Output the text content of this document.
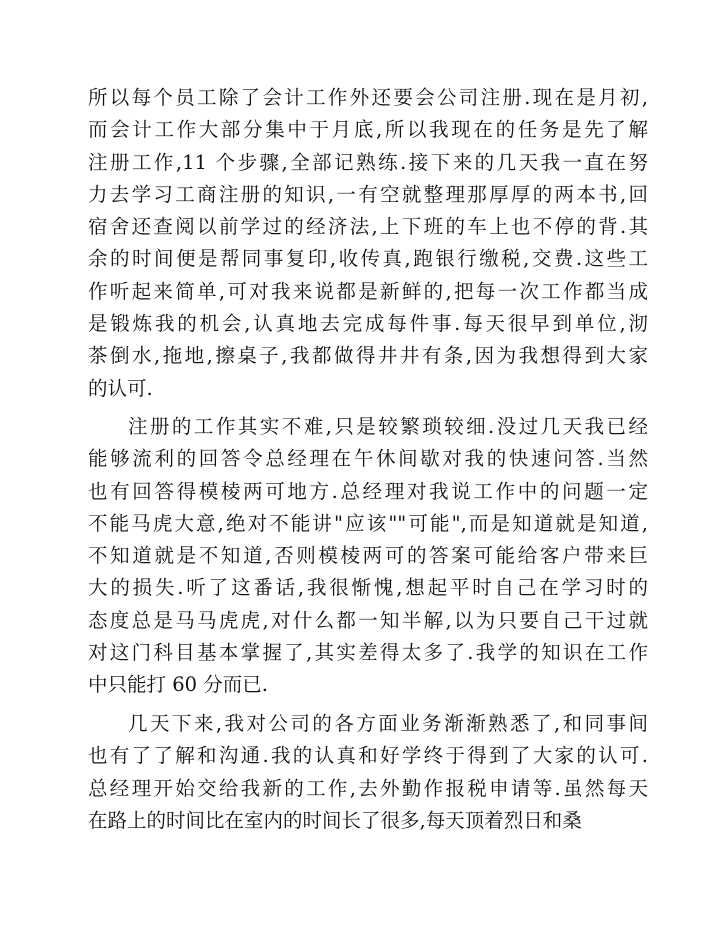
所以每个员工除了会计工作外还要会公司注册.现在是月初,
而会计工作大部分集中于月底,所以我现在的任务是先了解
注册工作,11 个步骤,全部记熟练.接下来的几天我一直在努
力去学习工商注册的知识,一有空就整理那厚厚的两本书,回
宿舍还查阅以前学过的经济法,上下班的车上也不停的背.其
余的时间便是帮同事复印,收传真,跑银行缴税,交费.这些工
作听起来简单,可对我来说都是新鲜的,把每一次工作都当成
是锻炼我的机会,认真地去完成每件事.每天很早到单位,沏
茶倒水,拖地,擦桌子,我都做得井井有条,因为我想得到大家
的认可.
注册的工作其实不难,只是较繁琐较细.没过几天我已经
能够流利的回答令总经理在午休间歇对我的快速问答.当然
也有回答得模棱两可地方.总经理对我说工作中的问题一定
不能马虎大意,绝对不能讲"应该""可能",而是知道就是知道,
不知道就是不知道,否则模棱两可的答案可能给客户带来巨
大的损失.听了这番话,我很惭愧,想起平时自己在学习时的
态度总是马马虎虎,对什么都一知半解,以为只要自己干过就
对这门科目基本掌握了,其实差得太多了.我学的知识在工作
中只能打 60 分而已.
几天下来,我对公司的各方面业务渐渐熟悉了,和同事间
也有了了解和沟通.我的认真和好学终于得到了大家的认可.
总经理开始交给我新的工作,去外勤作报税申请等.虽然每天
在路上的时间比在室内的时间长了很多,每天顶着烈日和桑
